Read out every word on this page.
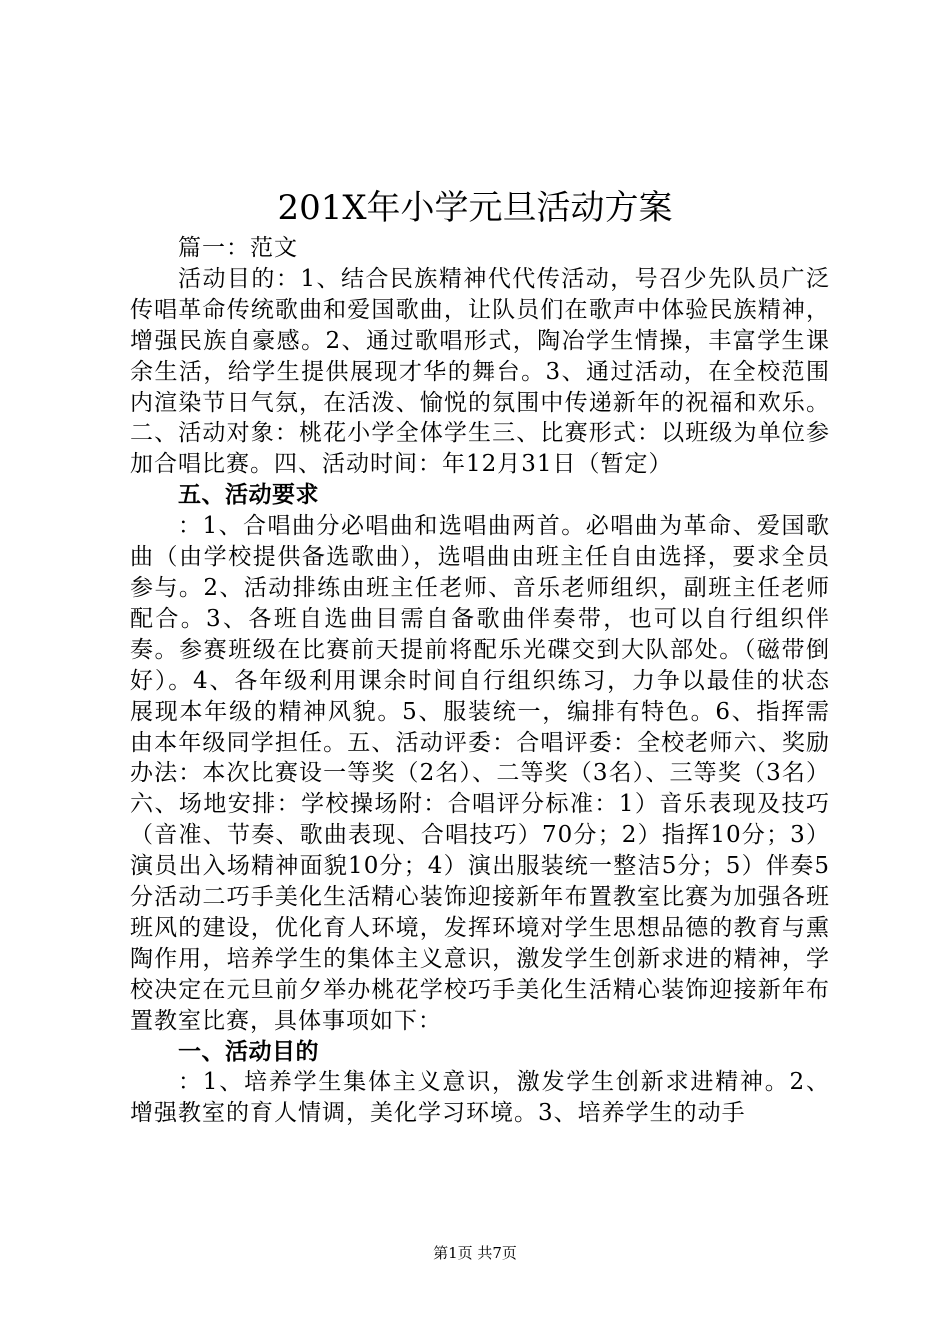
201X年小学元旦活动方案

篇一：范文

活动目的：1、结合民族精神代代传活动，号召少先队员广泛传唱革命传统歌曲和爱国歌曲，让队员们在歌声中体验民族精神，增强民族自豪感。2、通过歌唱形式，陶冶学生情操，丰富学生课余生活，给学生提供展现才华的舞台。3、通过活动，在全校范围内渲染节日气氛，在活泼、愉悦的氛围中传递新年的祝福和欢乐。二、活动对象：桃花小学全体学生三、比赛形式：以班级为单位参加合唱比赛。四、活动时间：年12月31日（暂定）

五、活动要求

：1、合唱曲分必唱曲和选唱曲两首。必唱曲为革命、爱国歌曲（由学校提供备选歌曲），选唱曲由班主任自由选择，要求全员参与。2、活动排练由班主任老师、音乐老师组织，副班主任老师配合。3、各班自选曲目需自备歌曲伴奏带，也可以自行组织伴奏。参赛班级在比赛前天提前将配乐光碟交到大队部处。（磁带倒好）。4、各年级利用课余时间自行组织练习，力争以最佳的状态展现本年级的精神风貌。5、服装统一，编排有特色。6、指挥需由本年级同学担任。五、活动评委：合唱评委：全校老师六、奖励办法：本次比赛设一等奖（2名）、二等奖（3名）、三等奖（3名）六、场地安排：学校操场附：合唱评分标准：1）音乐表现及技巧（音准、节奏、歌曲表现、合唱技巧）70分；2）指挥10分；3）演员出入场精神面貌10分；4）演出服装统一整洁5分；5）伴奏5分活动二巧手美化生活精心装饰迎接新年布置教室比赛为加强各班班风的建设，优化育人环境，发挥环境对学生思想品德的教育与熏陶作用，培养学生的集体主义意识，激发学生创新求进的精神，学校决定在元旦前夕举办桃花学校巧手美化生活精心装饰迎接新年布置教室比赛，具体事项如下：

一、活动目的

：1、培养学生集体主义意识，激发学生创新求进精神。2、增强教室的育人情调，美化学习环境。3、培养学生的动手

第1页 共7页
